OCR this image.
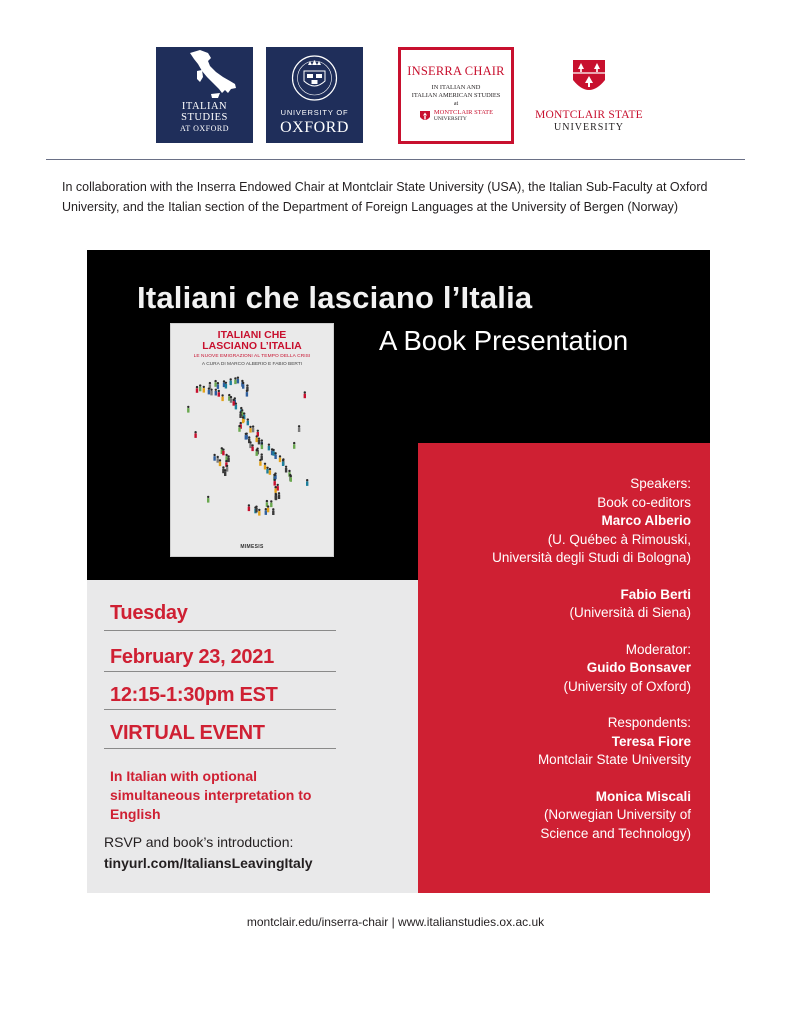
ITALIAN
STUDIES
AT OXFORD
UNIVERSITY OF
OXFORD
INSERRA CHAIR
IN ITALIAN AND
ITALIAN AMERICAN STUDIES
at
MONTCLAIR STATE
UNIVERSITY	MONTCLAIR STATE
UNIVERSITY
In collaboration with the Inserra Endowed Chair at Montclair State University (USA), the Italian Sub-Faculty at Oxford University, and the Italian section of the Department of Foreign Languages at the University of Bergen (Norway)
Italiani che lasciano l’Italia
A Book Presentation
ITALIANI CHE
LASCIANO L’ITALIA
LE NUOVE EMIGRAZIONI AL TEMPO DELLA CRISI
A CURA DI MARCO ALBERIO E FABIO BERTI
MIMESIS
Tuesday
February 23, 2021
12:15-1:30pm EST
VIRTUAL EVENT
In Italian with optional simultaneous interpretation to English
RSVP and book’s introduction:
tinyurl.com/ItaliansLeavingItaly
Speakers:
Book co-editors
Marco Alberio
(U. Québec à Rimouski,
Università degli Studi di Bologna)
Fabio Berti
(Università di Siena)
Moderator:
Guido Bonsaver
(University of Oxford)
Respondents:
Teresa Fiore
Montclair State University
Monica Miscali
(Norwegian University of
Science and Technology)
montclair.edu/inserra-chair | www.italianstudies.ox.ac.uk
